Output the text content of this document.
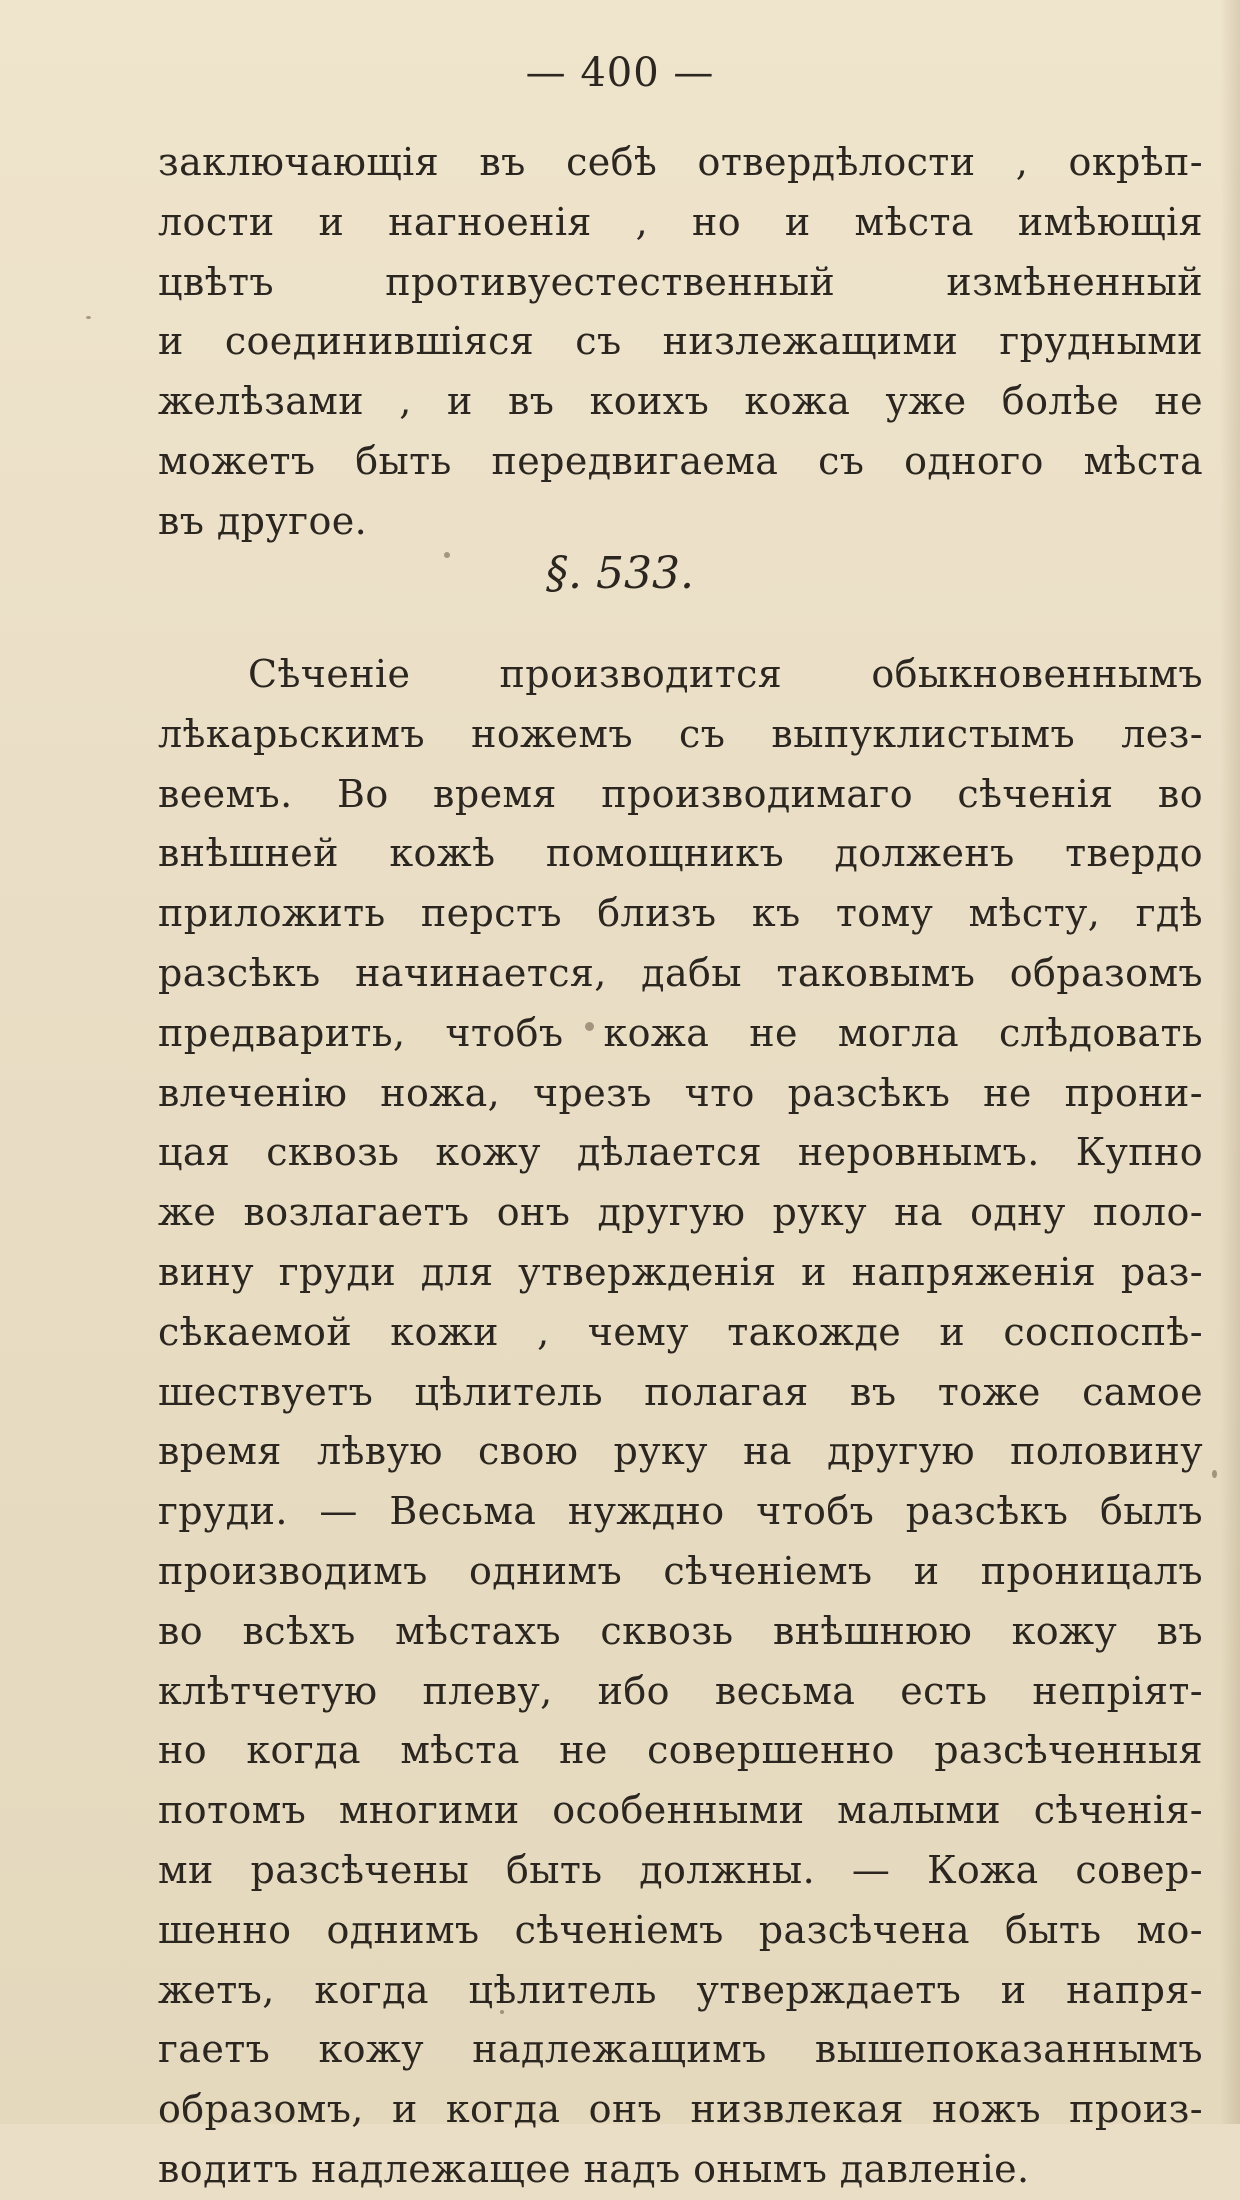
— 400 —
заключающія въ себѣ отвердѣлости , окрѣп-
лости и нагноенія , но и мѣста имѣющія
цвѣтъ противуестественный измѣненный
и соединившіяся съ низлежащими грудными
желѣзами , и въ коихъ кожа уже болѣе не
можетъ быть передвигаема съ одного мѣста
въ другое.
§. 533.
Сѣченіе производится обыкновеннымъ
лѣкарьскимъ ножемъ съ выпуклистымъ лез-
веемъ. Во время производимаго сѣченія во
внѣшней кожѣ помощникъ долженъ твердо
приложить перстъ близъ къ тому мѣсту, гдѣ
разсѣкъ начинается, дабы таковымъ образомъ
предварить, чтобъ кожа не могла слѣдовать
влеченію ножа, чрезъ что разсѣкъ не прони-
цая сквозь кожу дѣлается неровнымъ. Купно
же возлагаетъ онъ другую руку на одну поло-
вину груди для утвержденія и напряженія раз-
сѣкаемой кожи , чему такожде и соспоспѣ-
шествуетъ цѣлитель полагая въ тоже самое
время лѣвую свою руку на другую половину
груди. — Весьма нуждно чтобъ разсѣкъ былъ
производимъ однимъ сѣченіемъ и проницалъ
во всѣхъ мѣстахъ сквозь внѣшнюю кожу въ
клѣтчетую плеву, ибо весьма есть непріят-
но когда мѣста не совершенно разсѣченныя
потомъ многими особенными малыми сѣченія-
ми разсѣчены быть должны. — Кожа совер-
шенно однимъ сѣченіемъ разсѣчена быть мо-
жетъ, когда цѣлитель утверждаетъ и напря-
гаетъ кожу надлежащимъ вышепоказаннымъ
образомъ, и когда онъ низвлекая ножъ произ-
водитъ надлежащее надъ онымъ давленіе.
